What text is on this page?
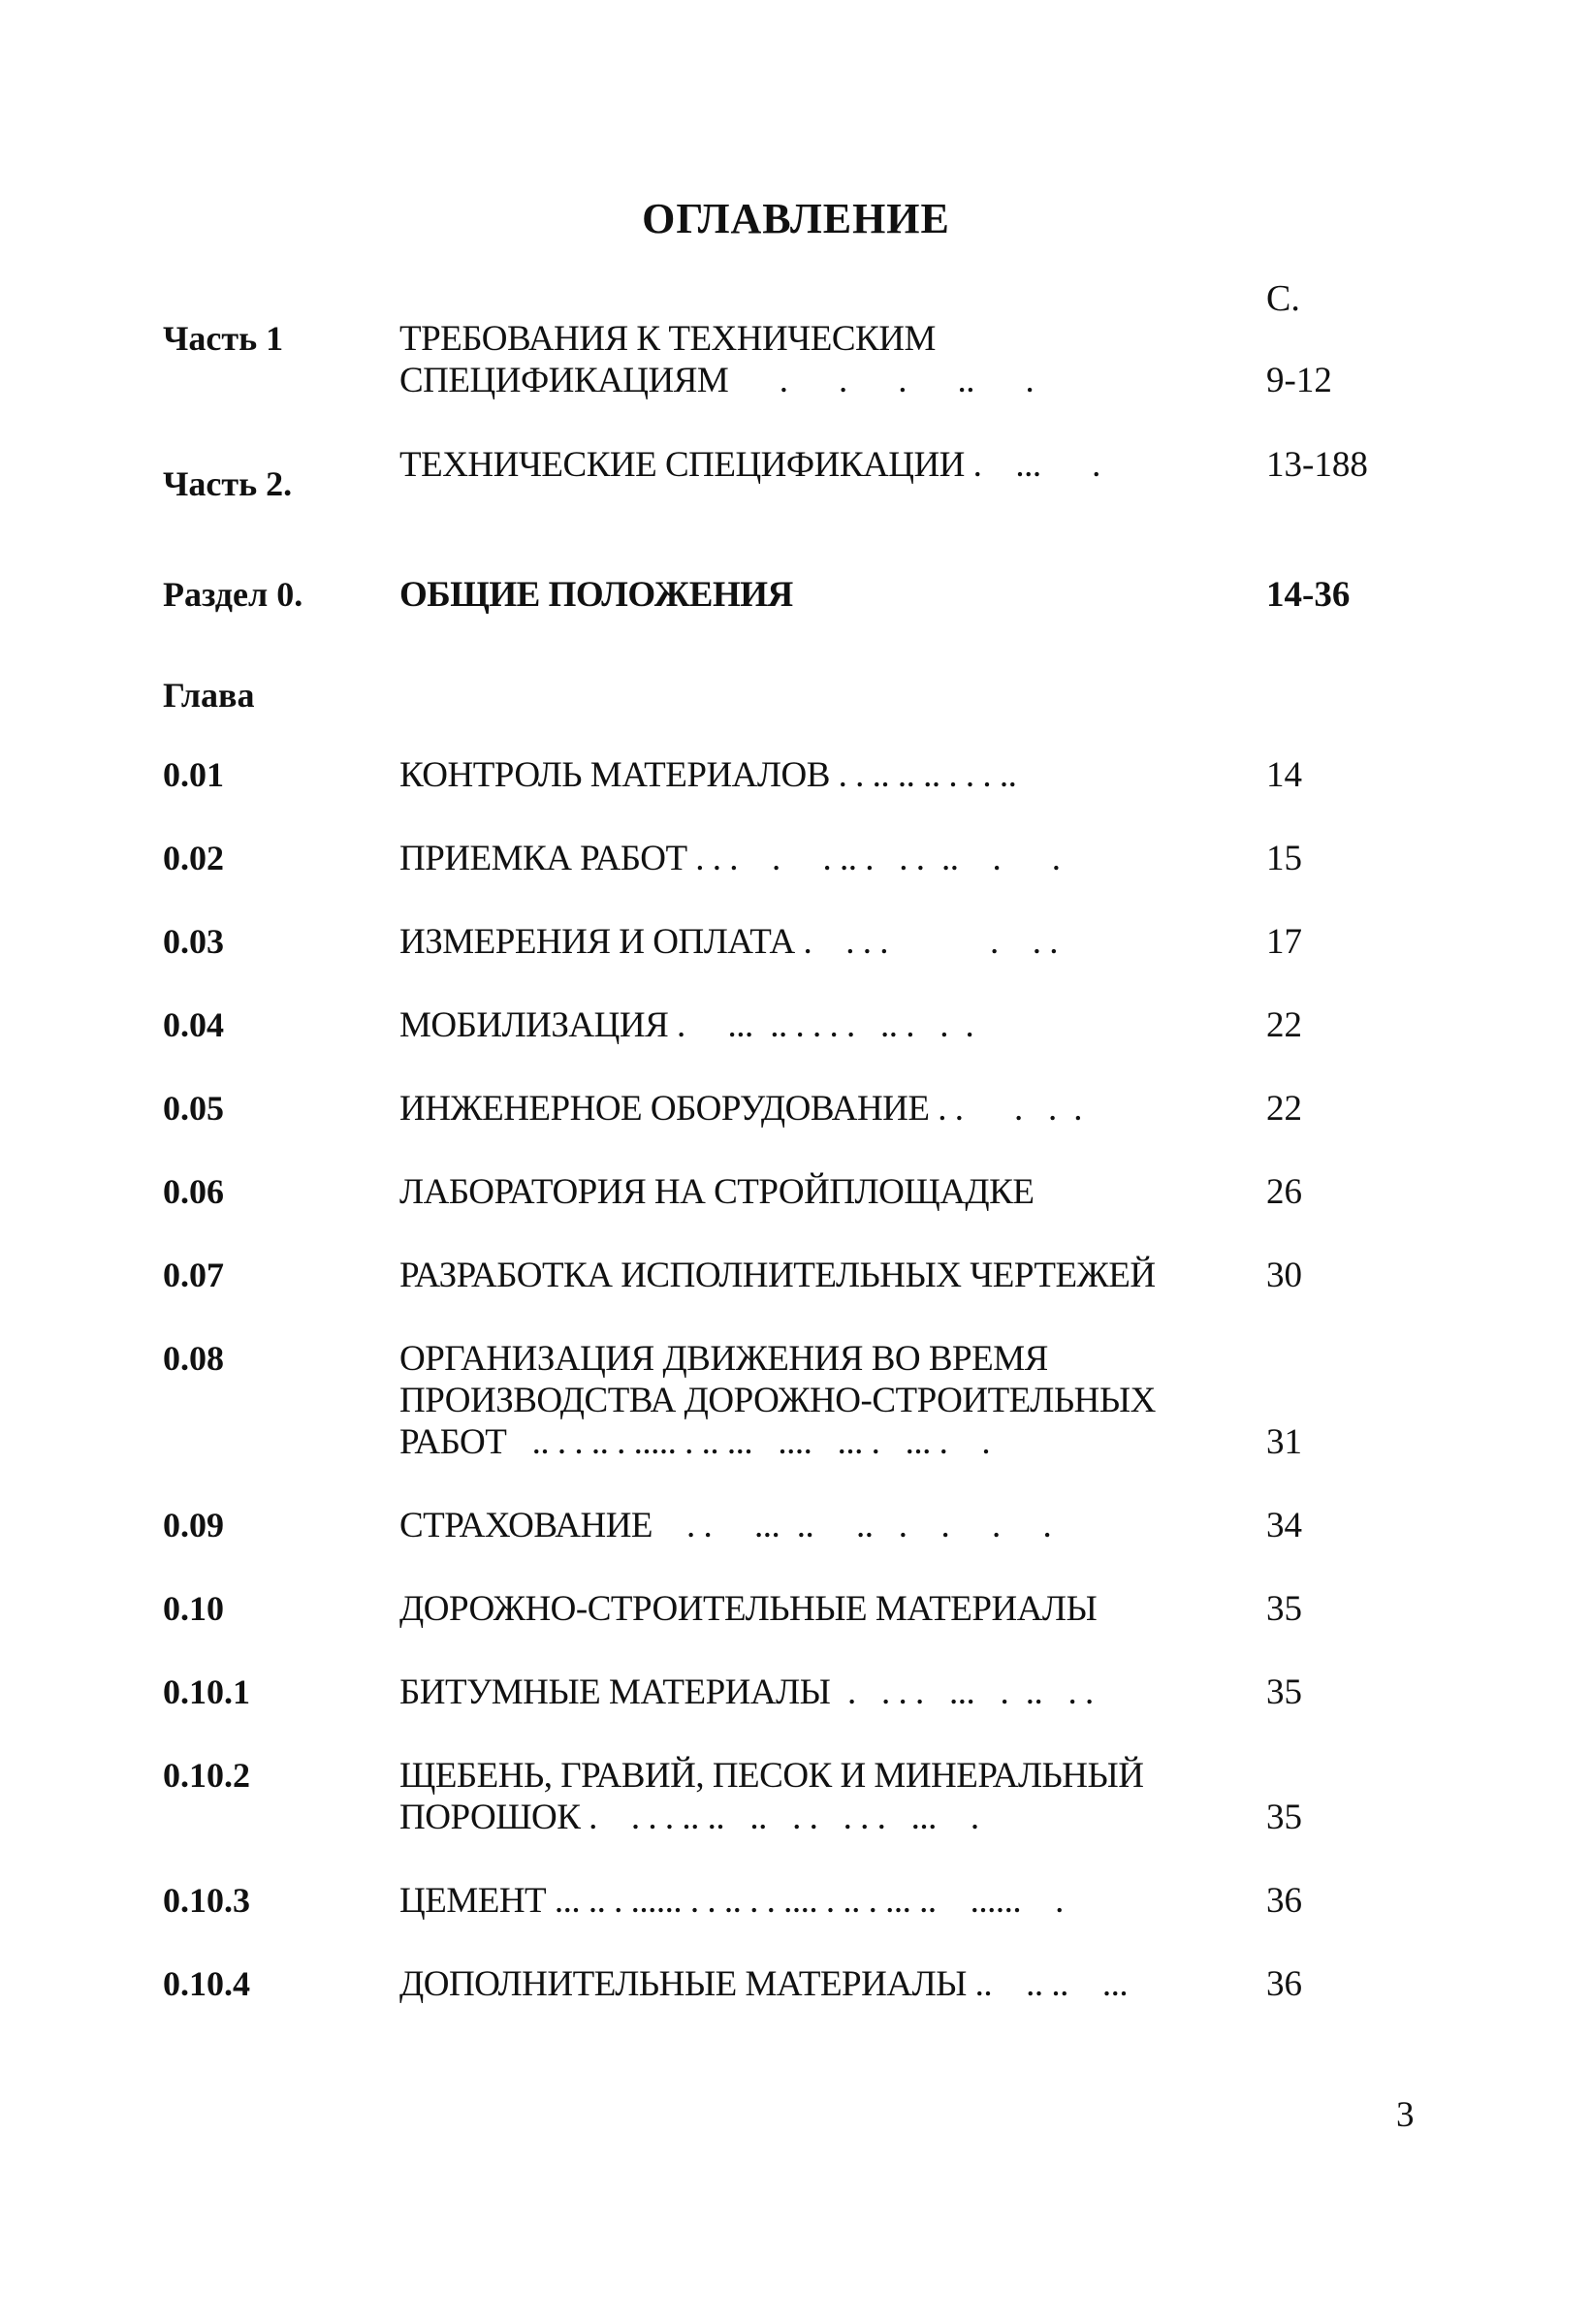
ОГЛАВЛЕНИЕ

С.

Часть 1	ТРЕБОВАНИЯ К ТЕХНИЧЕСКИМ
СПЕЦИФИКАЦИЯМ      .      .      .      ..      .	9-12

Часть 2.	ТЕХНИЧЕСКИЕ СПЕЦИФИКАЦИИ .    ...      .	13-188

Раздел 0.	ОБЩИЕ ПОЛОЖЕНИЯ	14-36

Глава

0.01	КОНТРОЛЬ МАТЕРИАЛОВ . . .. .. .. . . . ..	14

0.02	ПРИЕМКА РАБОТ . . .    .     . .. .   . .  ..    .      .	15

0.03	ИЗМЕРЕНИЯ И ОПЛАТА .    . . .            .    . .	17

0.04	МОБИЛИЗАЦИЯ .     ...  .. . . . .   .. .   .  .	22

0.05	ИНЖЕНЕРНОЕ ОБОРУДОВАНИЕ . .      .   .  .	22

0.06	ЛАБОРАТОРИЯ НА СТРОЙПЛОЩАДКЕ	26

0.07	РАЗРАБОТКА ИСПОЛНИТЕЛЬНЫХ ЧЕРТЕЖЕЙ	30

0.08	ОРГАНИЗАЦИЯ ДВИЖЕНИЯ ВО ВРЕМЯ
ПРОИЗВОДСТВА ДОРОЖНО-СТРОИТЕЛЬНЫХ
РАБОТ   .. . . .. . ..... . .. ...   ....   ... .   ... .    .	31

0.09	СТРАХОВАНИЕ    . .     ...  ..     ..   .    .     .     .	34

0.10	ДОРОЖНО-СТРОИТЕЛЬНЫЕ МАТЕРИАЛЫ	35

0.10.1	БИТУМНЫЕ МАТЕРИАЛЫ  .   . . .   ...   .  ..   . .	35

0.10.2	ЩЕБЕНЬ, ГРАВИЙ, ПЕСОК И МИНЕРАЛЬНЫЙ
ПОРОШОК .    . . . .. ..   ..   . .   . . .   ...    .	35

0.10.3	ЦЕМЕНТ ... .. . ...... . . .. . . .... . .. . ... ..    ......    .	36

0.10.4	ДОПОЛНИТЕЛЬНЫЕ МАТЕРИАЛЫ ..    .. ..    ...	36

3
